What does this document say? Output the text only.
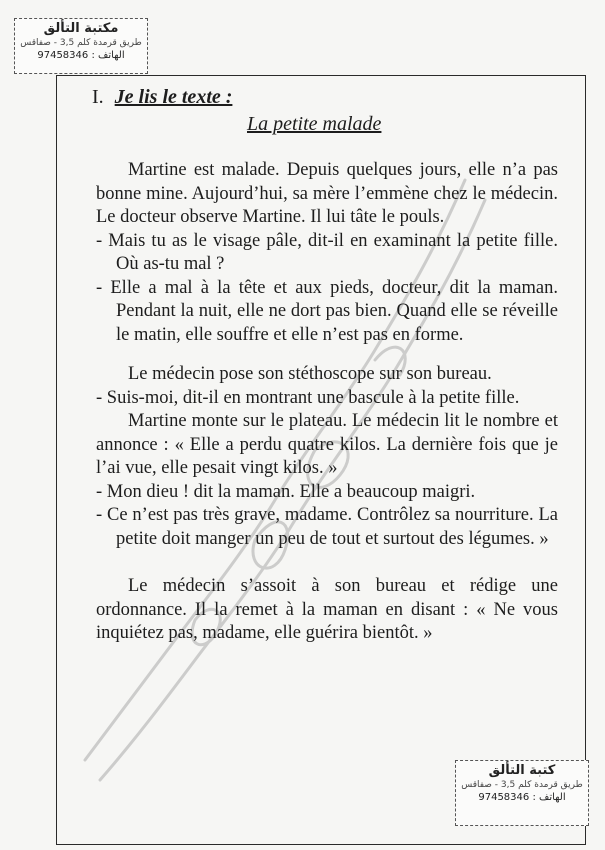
مكتبة التألق
طريق قرمدة كلم 3,5 - صفاقس
الهاتف : 97458346
I. Je lis le texte :
La petite malade

Martine est malade. Depuis quelques jours, elle n’a pas bonne mine. Aujourd’hui, sa mère l’emmène chez le médecin. Le docteur observe Martine. Il lui tâte le pouls.

- Mais tu as le visage pâle, dit-il en examinant la petite fille. Où as-tu mal ?

- Elle a mal à la tête et aux pieds, docteur, dit la maman. Pendant la nuit, elle ne dort pas bien. Quand elle se réveille le matin, elle souffre et elle n’est pas en forme.

Le médecin pose son stéthoscope sur son bureau.

- Suis-moi, dit-il en montrant une bascule à la petite fille.

Martine monte sur le plateau. Le médecin lit le nombre et annonce : « Elle a perdu quatre kilos. La dernière fois que je l’ai vue, elle pesait vingt kilos. »

- Mon dieu ! dit la maman. Elle a beaucoup maigri.

- Ce n’est pas très grave, madame. Contrôlez sa nourriture. La petite doit manger un peu de tout et surtout des légumes. »

Le médecin s’assoit à son bureau et rédige une ordonnance. Il la remet à la maman en disant : « Ne vous inquiétez pas, madame, elle guérira bientôt. »

كتبة التألق
طريق قرمدة كلم 3,5 - صفاقس
الهاتف : 97458346
